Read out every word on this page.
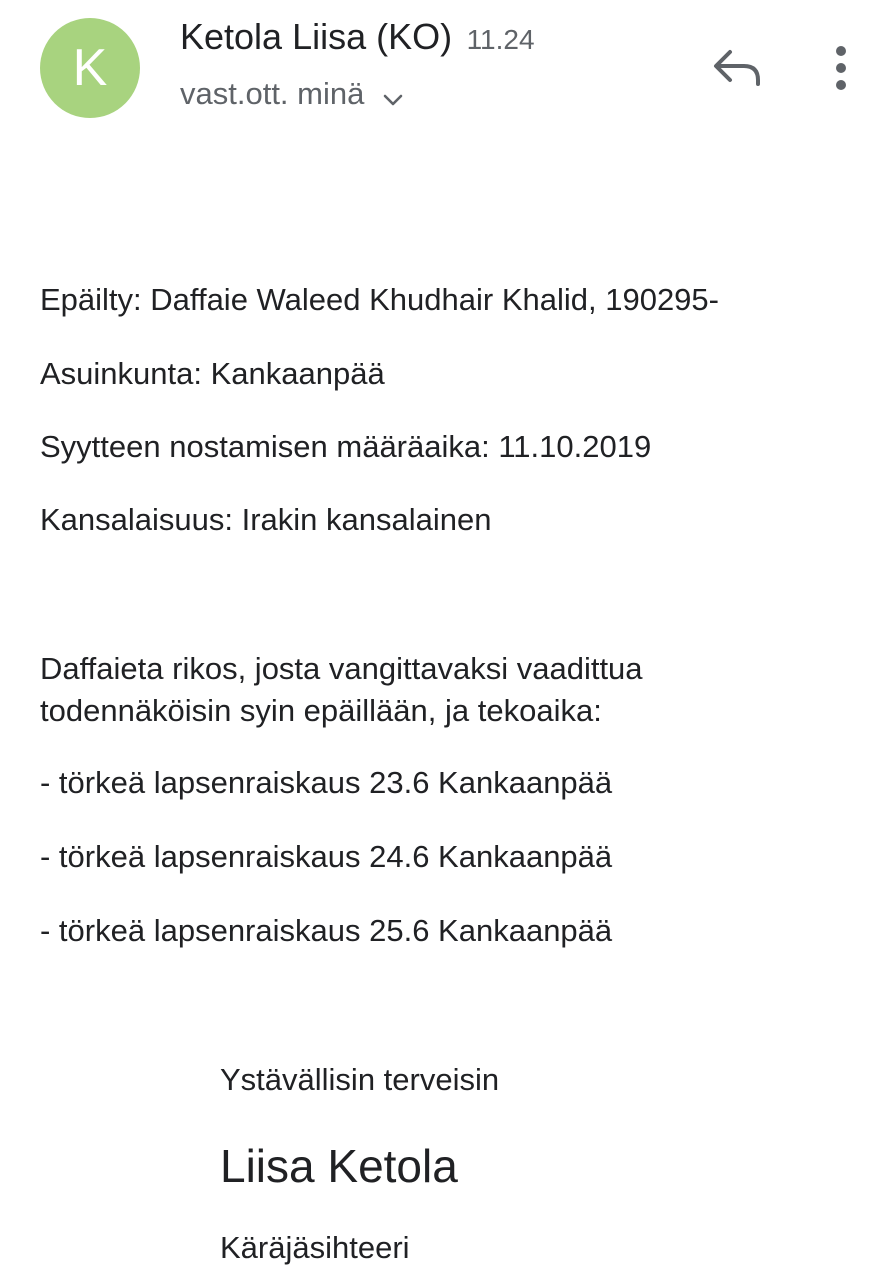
K
Ketola Liisa (KO) 11.24
vast.ott. minä
Epäilty: Daffaie Waleed Khudhair Khalid, 190295-
Asuinkunta: Kankaanpää
Syytteen nostamisen määräaika: 11.10.2019
Kansalaisuus: Irakin kansalainen
Daffaieta rikos, josta vangittavaksi vaadittua
todennäköisin syin epäillään, ja tekoaika:
- törkeä lapsenraiskaus 23.6 Kankaanpää
- törkeä lapsenraiskaus 24.6 Kankaanpää
- törkeä lapsenraiskaus 25.6 Kankaanpää
Ystävällisin terveisin
Liisa Ketola
Käräjäsihteeri
